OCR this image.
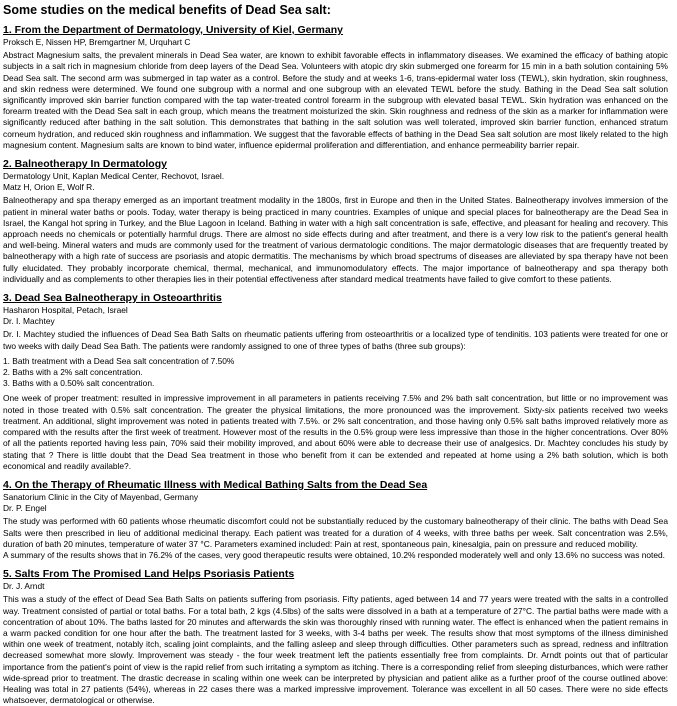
Some studies on the medical benefits of Dead Sea salt:
1. From the Department of Dermatology, University of Kiel, Germany
Proksch E, Nissen HP, Bremgartner M, Urquhart C
Abstract Magnesium salts, the prevalent minerals in Dead Sea water, are known to exhibit favorable effects in inflammatory diseases. We examined the efficacy of bathing atopic subjects in a salt rich in magnesium chloride from deep layers of the Dead Sea. Volunteers with atopic dry skin submerged one forearm for 15 min in a bath solution containing 5% Dead Sea salt. The second arm was submerged in tap water as a control. Before the study and at weeks 1-6, trans-epidermal water loss (TEWL), skin hydration, skin roughness, and skin redness were determined. We found one subgroup with a normal and one subgroup with an elevated TEWL before the study. Bathing in the Dead Sea salt solution significantly improved skin barrier function compared with the tap water-treated control forearm in the subgroup with elevated basal TEWL. Skin hydration was enhanced on the forearm treated with the Dead Sea salt in each group, which means the treatment moisturized the skin. Skin roughness and redness of the skin as a marker for inflammation were significantly reduced after bathing in the salt solution. This demonstrates that bathing in the salt solution was well tolerated, improved skin barrier function, enhanced stratum corneum hydration, and reduced skin roughness and inflammation. We suggest that the favorable effects of bathing in the Dead Sea salt solution are most likely related to the high magnesium content. Magnesium salts are known to bind water, influence epidermal proliferation and differentiation, and enhance permeability barrier repair.
2. Balneotherapy In Dermatology
Dermatology Unit, Kaplan Medical Center, Rechovot, Israel.
Matz H, Orion E, Wolf R.
Balneotherapy and spa therapy emerged as an important treatment modality in the 1800s, first in Europe and then in the United States. Balneotherapy involves immersion of the patient in mineral water baths or pools. Today, water therapy is being practiced in many countries. Examples of unique and special places for balneotherapy are the Dead Sea in Israel, the Kangal hot spring in Turkey, and the Blue Lagoon in Iceland. Bathing in water with a high salt concentration is safe, effective, and pleasant for healing and recovery. This approach needs no chemicals or potentially harmful drugs. There are almost no side effects during and after treatment, and there is a very low risk to the patient's general health and well-being. Mineral waters and muds are commonly used for the treatment of various dermatologic conditions. The major dermatologic diseases that are frequently treated by balneotherapy with a high rate of success are psoriasis and atopic dermatitis. The mechanisms by which broad spectrums of diseases are alleviated by spa therapy have not been fully elucidated. They probably incorporate chemical, thermal, mechanical, and immunomodulatory effects. The major importance of balneotherapy and spa therapy both individually and as complements to other therapies lies in their potential effectiveness after standard medical treatments have failed to give comfort to these patients.
3. Dead Sea Balneotherapy in Osteoarthritis
Hasharon Hospital, Petach, Israel
Dr. I. Machtey
Dr. I. Machtey studied the influences of Dead Sea Bath Salts on rheumatic patients uffering from osteoarthritis or a localized type of tendinitis. 103 patients were treated for one or two weeks with daily Dead Sea Bath. The patients were randomly assigned to one of three types of baths (three sub groups):
1. Bath treatment with a Dead Sea salt concentration of 7.50%
2. Baths with a 2% salt concentration.
3. Baths with a 0.50% salt concentration.
One week of proper treatment: resulted in impressive improvement in all parameters in patients receiving 7.5% and 2% bath salt concentration, but little or no improvement was noted in those treated with 0.5% salt concentration. The greater the physical limitations, the more pronounced was the improvement. Sixty-six patients received two weeks treatment. An additional, slight improvement was noted in patients treated with 7.5%. or 2% salt concentration, and those having only 0.5% salt baths improved relatively more as compared with the results after the first week of treatment. However most of the results in the 0.5% group were less impressive than those in the higher concentrations. Over 80% of all the patients reported having less pain, 70% said their mobility improved, and about 60% were able to decrease their use of analgesics. Dr. Machtey concludes his study by stating that ? There is little doubt that the Dead Sea treatment in those who benefit from it can be extended and repeated at home using a 2% bath solution, which is both economical and readily available?.
4. On the Therapy of Rheumatic Illness with Medical Bathing Salts from the Dead Sea
Sanatorium Clinic in the City of Mayenbad, Germany
Dr. P. Engel
The study was performed with 60 patients whose rheumatic discomfort could not be substantially reduced by the customary balneotherapy of their clinic. The baths with Dead Sea Salts were then prescribed in lieu of additional medicinal therapy. Each patient was treated for a duration of 4 weeks, with three baths per week. Salt concentration was 2.5%, duration of bath 20 minutes, temperature of water 37 °C. Parameters examined included: Pain at rest, spontaneous pain, kinesalgia, pain on pressure and reduced mobility.
A summary of the results shows that in 76.2% of the cases, very good therapeutic results were obtained, 10.2% responded moderately well and only 13.6% no success was noted.
5. Salts From The Promised Land Helps Psoriasis Patients
Dr. J. Arndt
This was a study of the effect of Dead Sea Bath Salts on patients suffering from psoriasis. Fifty patients, aged between 14 and 77 years were treated with the salts in a controlled way. Treatment consisted of partial or total baths. For a total bath, 2 kgs (4.5lbs) of the salts were dissolved in a bath at a temperature of 27°C. The partial baths were made with a concentration of about 10%. The baths lasted for 20 minutes and afterwards the skin was thoroughly rinsed with running water. The effect is enhanced when the patient remains in a warm packed condition for one hour after the bath. The treatment lasted for 3 weeks, with 3-4 baths per week. The results show that most symptoms of the illness diminished within one week of treatment, notably itch, scaling joint complaints, and the falling asleep and sleep through difficulties. Other parameters such as spread, redness and infiltration decreased somewhat more slowly. Improvement was steady - the four week treatment left the patients essentially free from complaints. Dr. Arndt points out that of particular importance from the patient's point of view is the rapid relief from such irritating a symptom as itching. There is a corresponding relief from sleeping disturbances, which were rather wide-spread prior to treatment. The drastic decrease in scaling within one week can be interpreted by physician and patient alike as a further proof of the course outlined above: Healing was total in 27 patients (54%), whereas in 22 cases there was a marked impressive improvement. Tolerance was excellent in all 50 cases. There were no side effects whatsoever, dermatological or otherwise.
